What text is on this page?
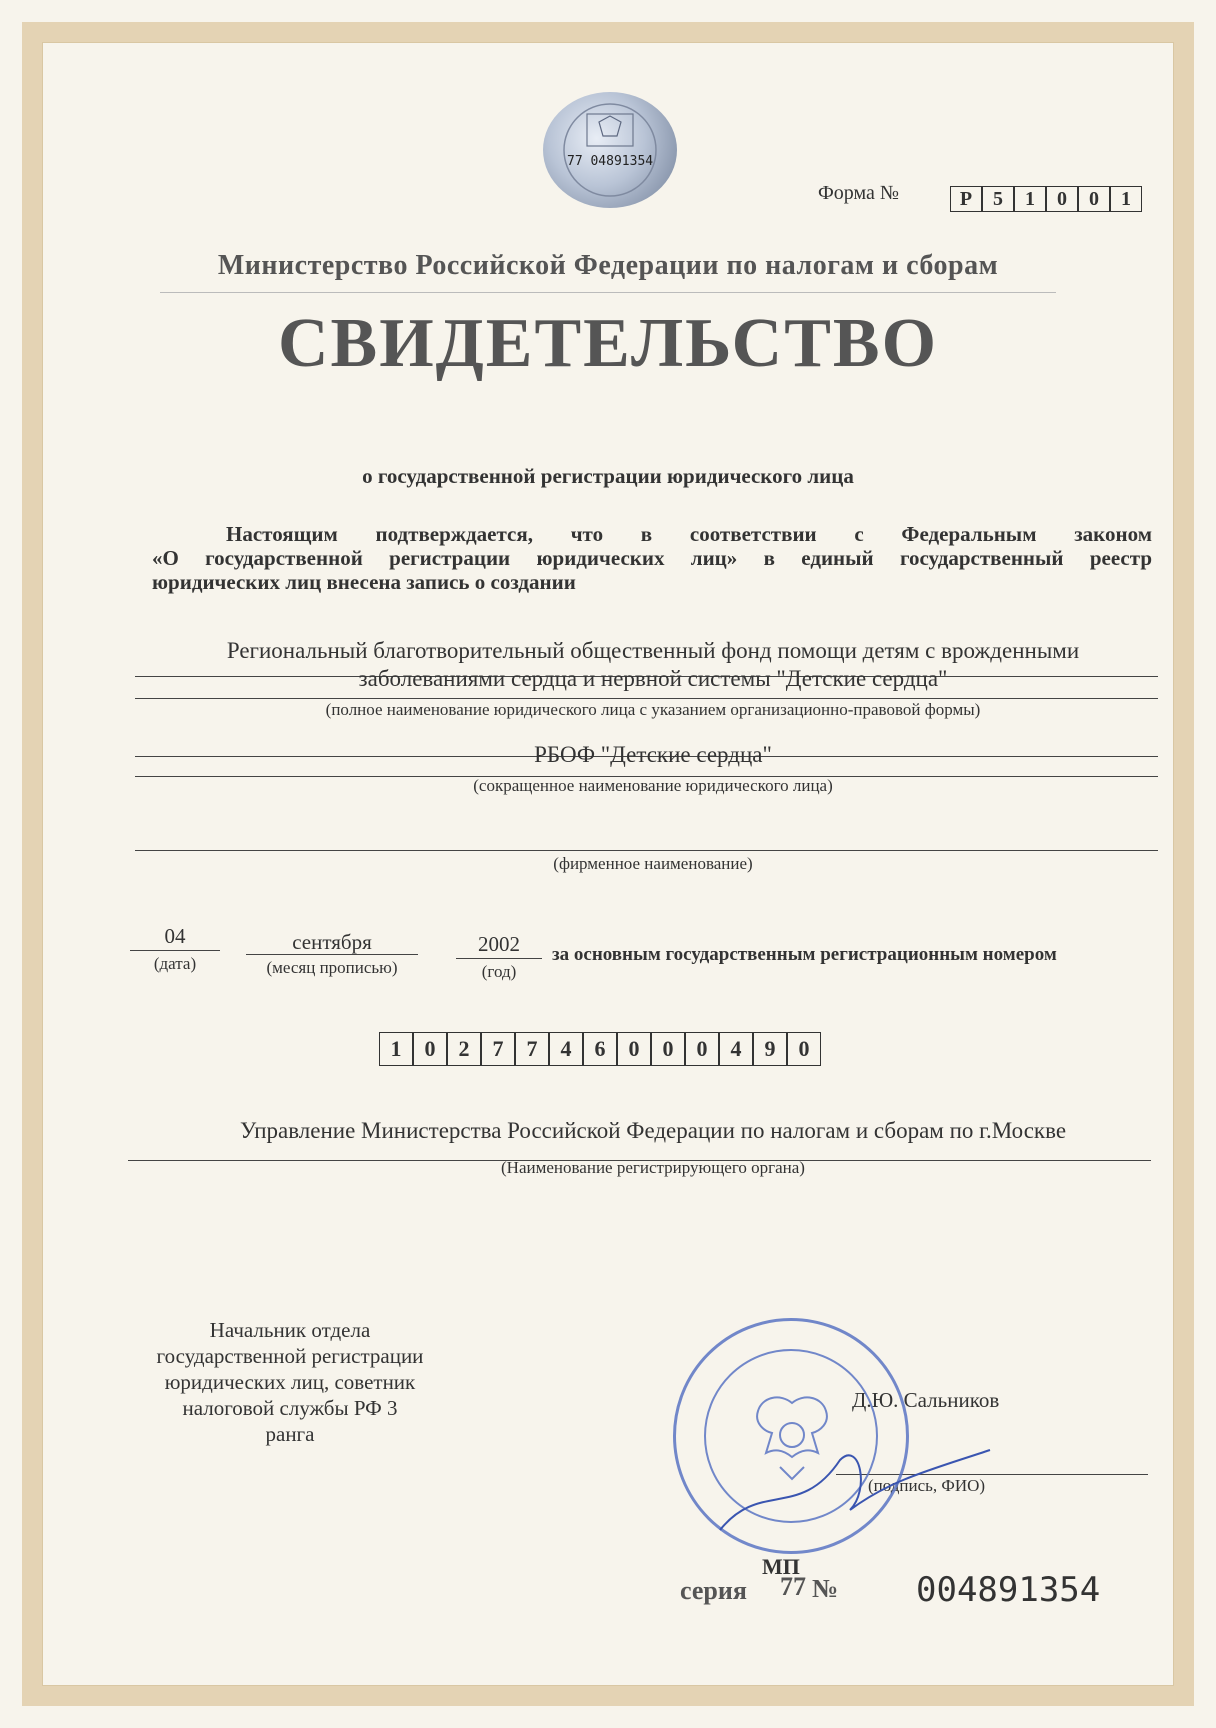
77 04891354
Форма №	Р	5	1	0	0	1
Министерство Российской Федерации по налогам и сборам
СВИДЕТЕЛЬСТВО
о государственной регистрации юридического лица
Настоящим подтверждается, что в соответствии с Федеральным законом
«О государственной регистрации юридических лиц» в единый государственный реестр
юридических лиц внесена запись о создании
Региональный благотворительный общественный фонд помощи детям с врожденными
заболеваниями сердца и нервной системы "Детские сердца"
(полное наименование юридического лица с указанием организационно-правовой формы)
РБОФ "Детские сердца"
(сокращенное наименование юридического лица)
(фирменное наименование)
04
(дата)
сентября
(месяц прописью)
2002
(год)
за основным государственным регистрационным номером
1	0	2	7	7	4	6	0	0	0	4	9	0
Управление Министерства Российской Федерации по налогам и сборам по г.Москве
(Наименование регистрирующего органа)
Начальник отдела
государственной регистрации
юридических лиц, советник
налоговой службы РФ 3
ранга
Д.Ю. Сальников
(подпись, ФИО)
МП
серия 77 № 004891354
